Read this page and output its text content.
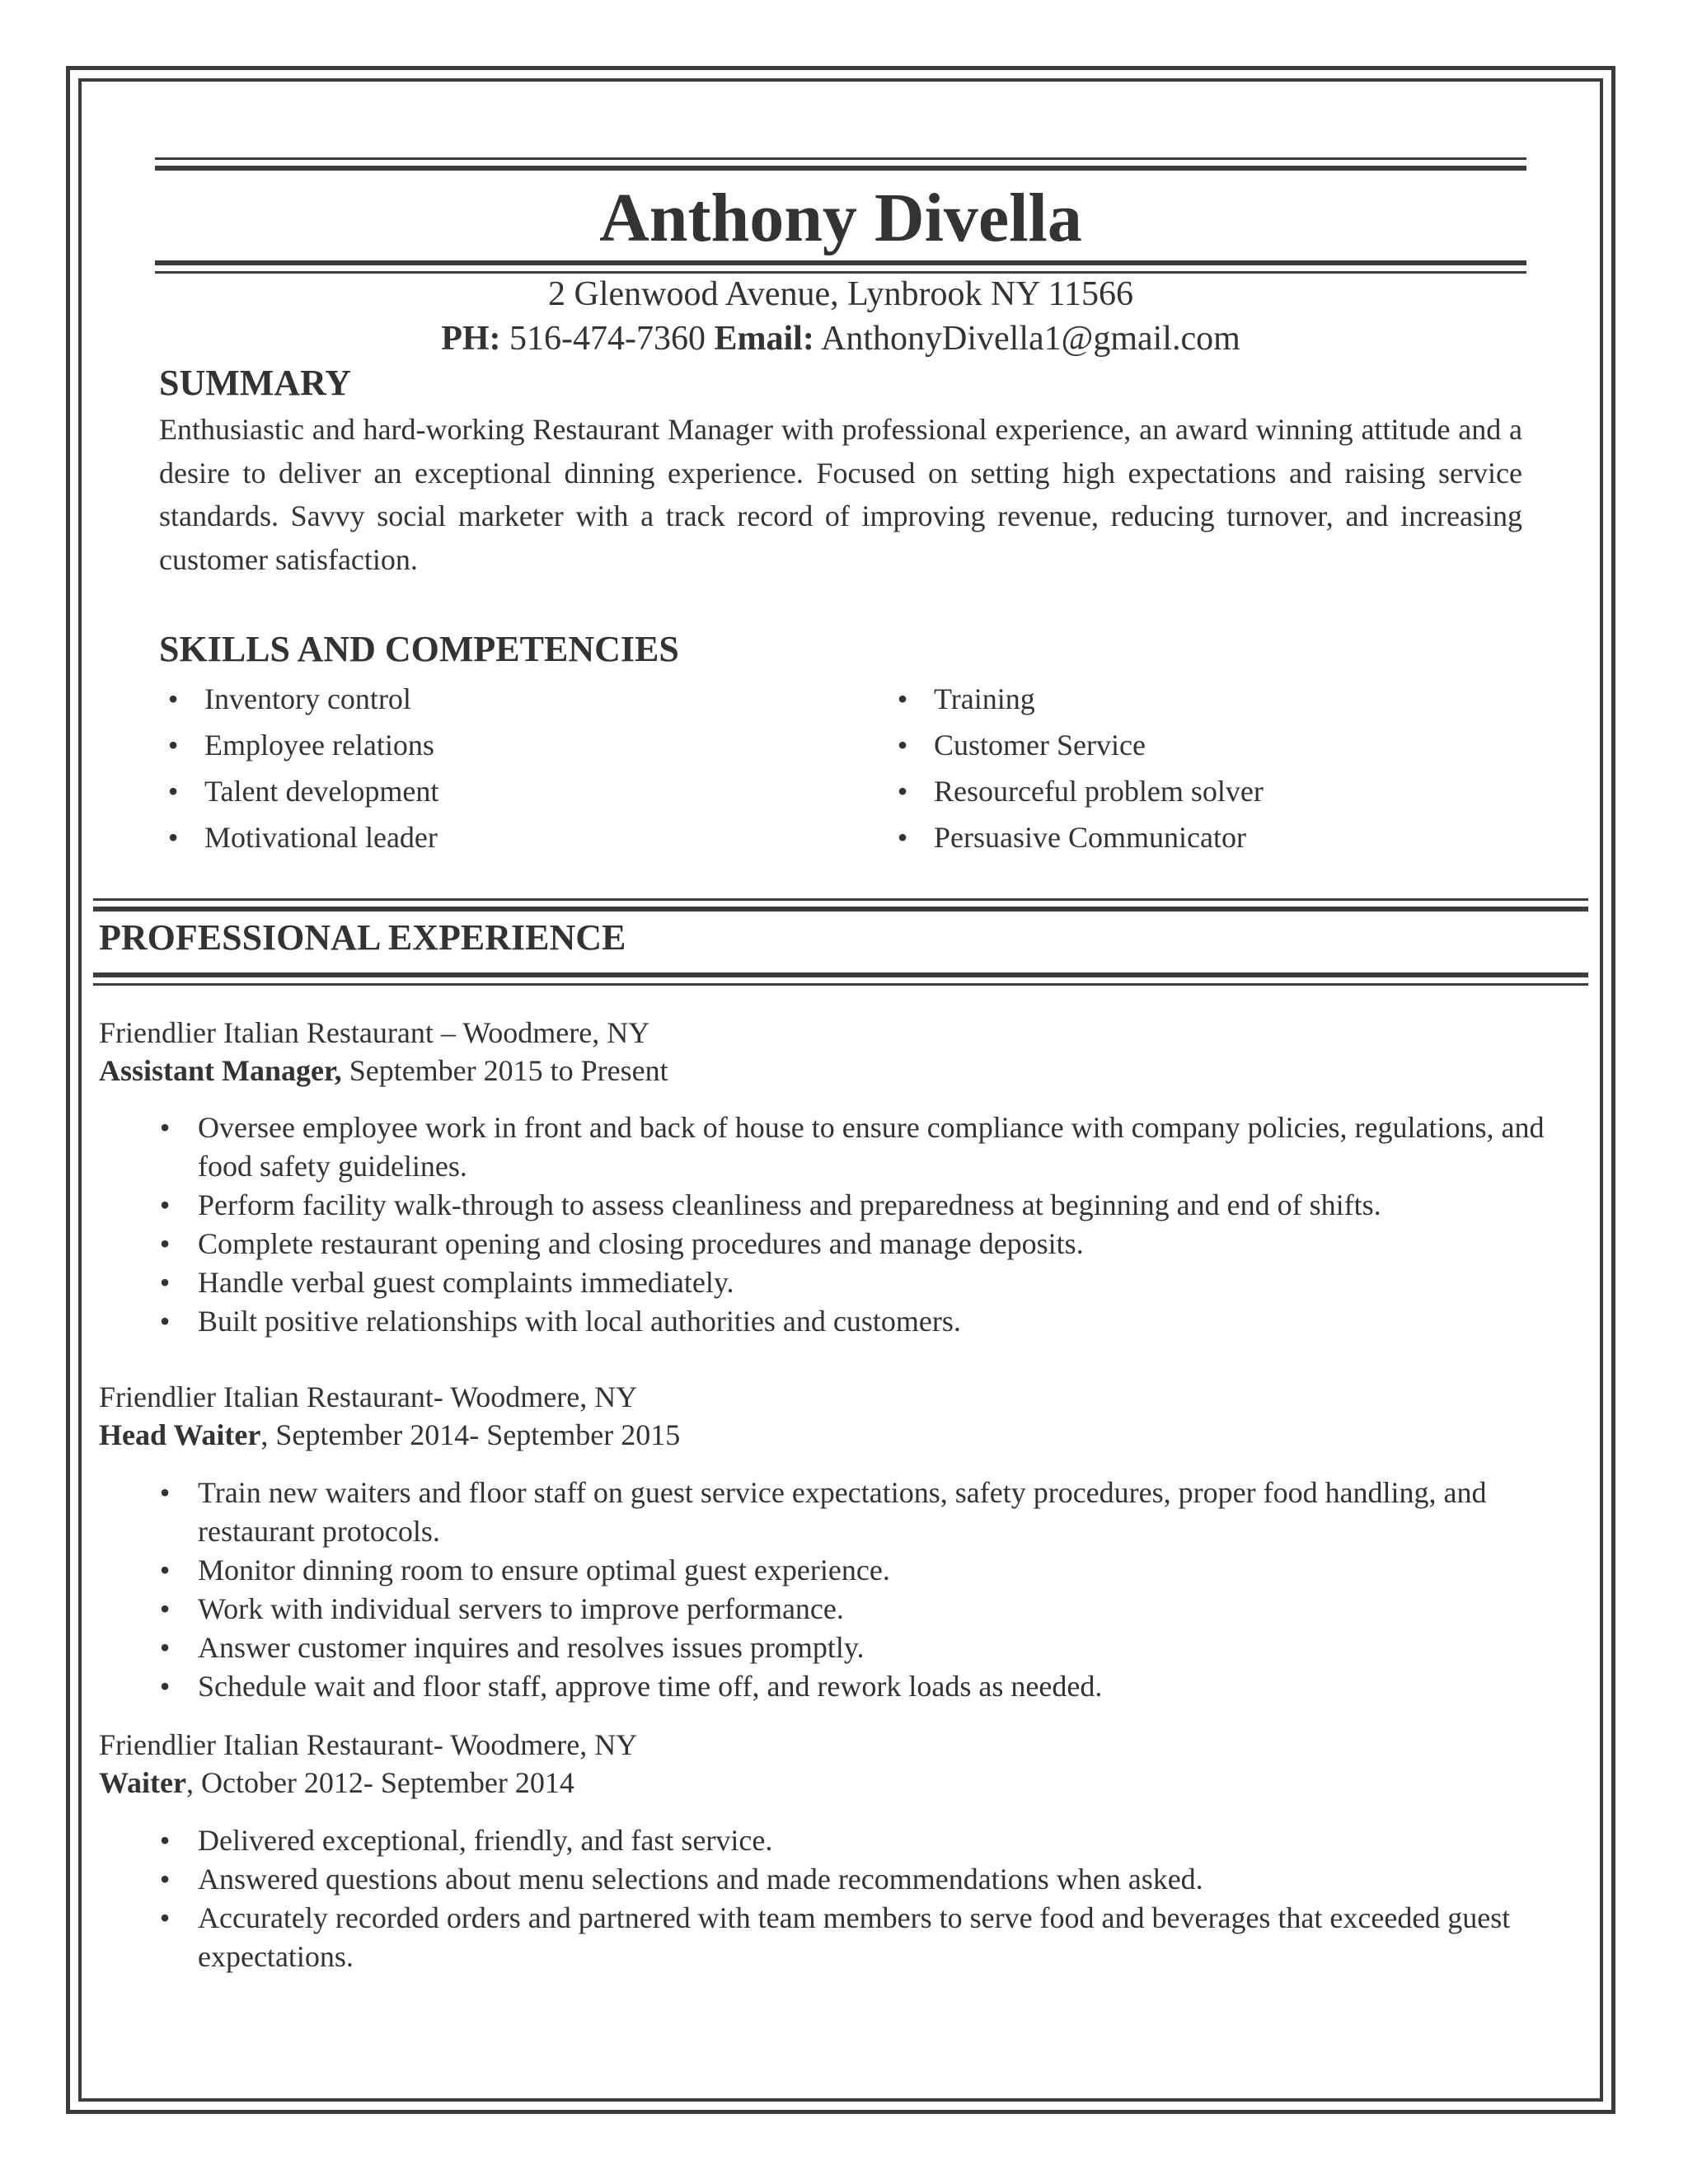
Anthony Divella
2 Glenwood Avenue, Lynbrook NY 11566
PH: 516-474-7360 Email: AnthonyDivella1@gmail.com
SUMMARY

Enthusiastic and hard-working Restaurant Manager with professional experience, an award winning attitude and a desire to deliver an exceptional dinning experience. Focused on setting high expectations and raising service standards. Savvy social marketer with a track record of improving revenue, reducing turnover, and increasing customer satisfaction.

SKILLS AND COMPETENCIES
• Inventory control
• Employee relations
• Talent development
• Motivational leader
• Training
• Customer Service
• Resourceful problem solver
• Persuasive Communicator
PROFESSIONAL EXPERIENCE

Friendlier Italian Restaurant – Woodmere, NY

Assistant Manager, September 2015 to Present

• Oversee employee work in front and back of house to ensure compliance with company policies, regulations, and food safety guidelines.
• Perform facility walk-through to assess cleanliness and preparedness at beginning and end of shifts.
• Complete restaurant opening and closing procedures and manage deposits.
• Handle verbal guest complaints immediately.
• Built positive relationships with local authorities and customers.

Friendlier Italian Restaurant- Woodmere, NY

Head Waiter, September 2014- September 2015

• Train new waiters and floor staff on guest service expectations, safety procedures, proper food handling, and restaurant protocols.
• Monitor dinning room to ensure optimal guest experience.
• Work with individual servers to improve performance.
• Answer customer inquires and resolves issues promptly.
• Schedule wait and floor staff, approve time off, and rework loads as needed.

Friendlier Italian Restaurant- Woodmere, NY

Waiter, October 2012- September 2014

• Delivered exceptional, friendly, and fast service.
• Answered questions about menu selections and made recommendations when asked.
• Accurately recorded orders and partnered with team members to serve food and beverages that exceeded guest expectations.
